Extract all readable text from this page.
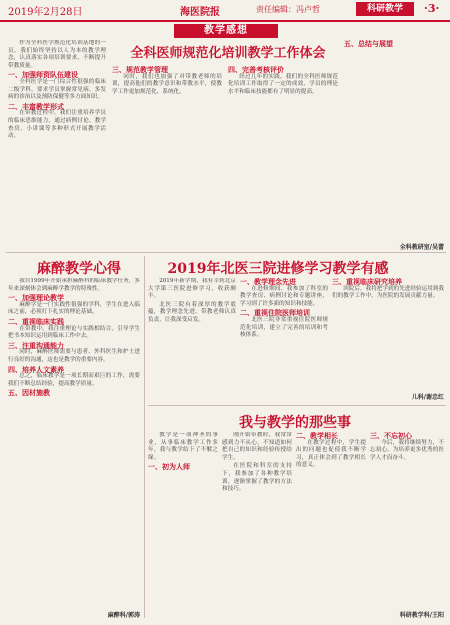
2019年2月28日	海医院报	责任编辑：冯卢哲	科研教学	·3·
教学感想
全科医师规范化培训教学工作体会

作为全科医学规范化培训基地的一员，我们始终坚持以人为本的教学理念，认真落实各项培训要求，不断提升带教质量。

一、加强师资队伍建设

全科医学是一门综合性很强的临床二级学科，要求学员掌握常见病、多发病的诊治以及预防保健等多方面知识。

二、丰富教学形式

在带教过程中，我们注重培养学员的临床思维能力，通过病例讨论、教学查房、小讲课等多种形式开展教学活动。

三、规范教学管理

同时，我们也加强了对带教老师的培训，提高他们的教学意识和带教水平，使教学工作更加规范化、系统化。

四、完善考核评价

经过几年的实践，我们的全科医师规范化培训工作取得了一定的成效，学员的理论水平和临床技能都有了明显的提高。

五、总结与展望
全科教研室/吴蕾
麻醉教学心得

我自1999年开始承担麻醉科的临床教学任务，多年来深刻体会到麻醉学教学的特殊性。

一、加强理论教学

麻醉学是一门实践性很强的学科，学生在进入临床之前，必须打下扎实的理论基础。

二、重视临床实践

在带教中，我注重理论与实践相结合，引导学生把书本知识运用到临床工作中去。

三、注重沟通能力

同时，麻醉医师需要与患者、外科医生和护士进行良好的沟通，这也是教学的重要内容。

四、培养人文素养

总之，临床教学是一项长期而艰巨的工作，需要我们不断总结经验，提高教学质量。

五、因材施教
麻醉科/郭涛
2019年北医三院进修学习教学有感

2019年新学期，我有幸到北京大学第三医院进修学习，收获颇丰。

北医三院有着深厚的教学底蕴，教学理念先进，带教老师认真负责，让我深受启发。

一、教学理念先进

在进修期间，我参加了科室的教学查房、病例讨论和专题讲座，学习到了许多新的知识和技能。

二、重视住院医师培训

北医三院非常重视住院医师规范化培训，建立了完善的培训和考核体系。

三、重视临床研究培养

回院后，我将把学到的先进经验运用到我们的教学工作中，为医院的发展贡献力量。

儿科/谢忠红
我与教学的那些事

教学是一项神圣的事业，从事临床教学工作多年，我与教学结下了不解之缘。

一、初为人师

刚开始带教时，我常常感到力不从心，不知道如何把自己的知识和经验传授给学生。

在医院和科室的支持下，我参加了各种教学培训，逐渐掌握了教学的方法和技巧。

二、教学相长

在教学过程中，学生提出的问题也促使我不断学习，真正体会到了教学相长的意义。

三、不忘初心

今后，我将继续努力，不忘初心，为培养更多优秀的医学人才而奋斗。

科研教学科/王阳
